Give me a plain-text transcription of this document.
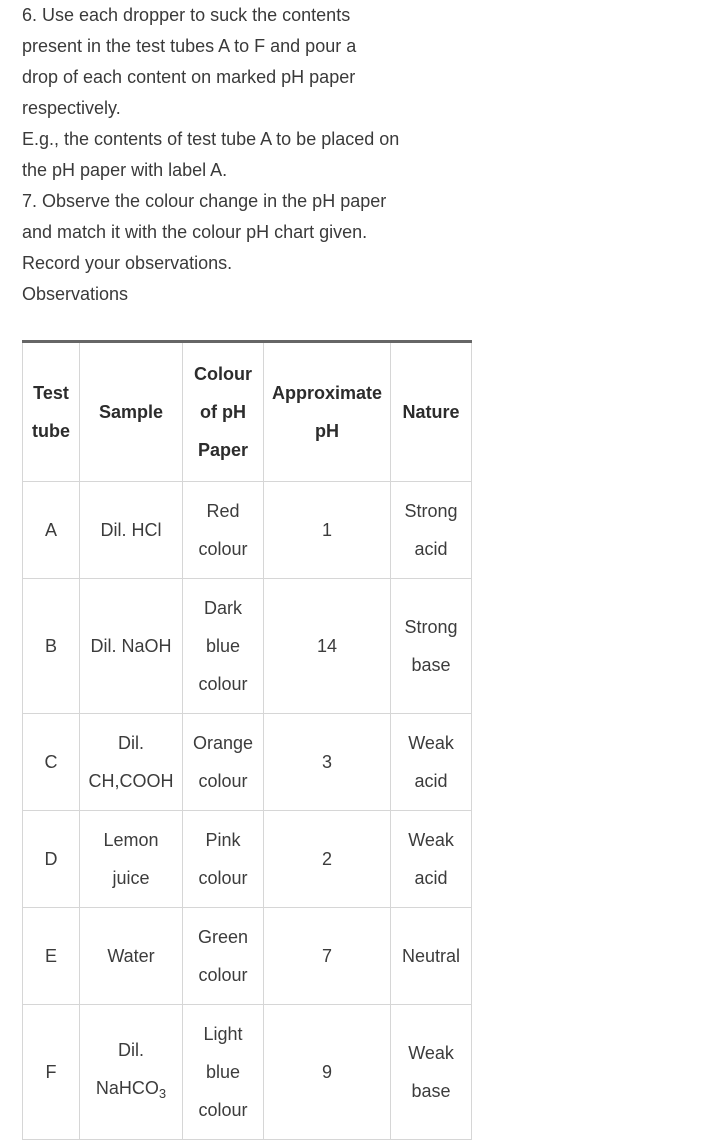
6. Use each dropper to suck the contents present in the test tubes A to F and pour a drop of each content on marked pH paper respectively.

E.g., the contents of test tube A to be placed on the pH paper with label A.

7. Observe the colour change in the pH paper and match it with the colour pH chart given.

Record your observations.

Observations

Test tube	Sample	Colour of pH Paper	Approximate pH	Nature
A	Dil. HCl	Red colour	1	Strong acid
B	Dil. NaOH	Dark blue colour	14	Strong base
C	Dil. CH,COOH	Orange colour	3	Weak acid
D	Lemon juice	Pink colour	2	Weak acid
E	Water	Green colour	7	Neutral
F	Dil. NaHCO$_3$	Light blue colour	9	Weak base
